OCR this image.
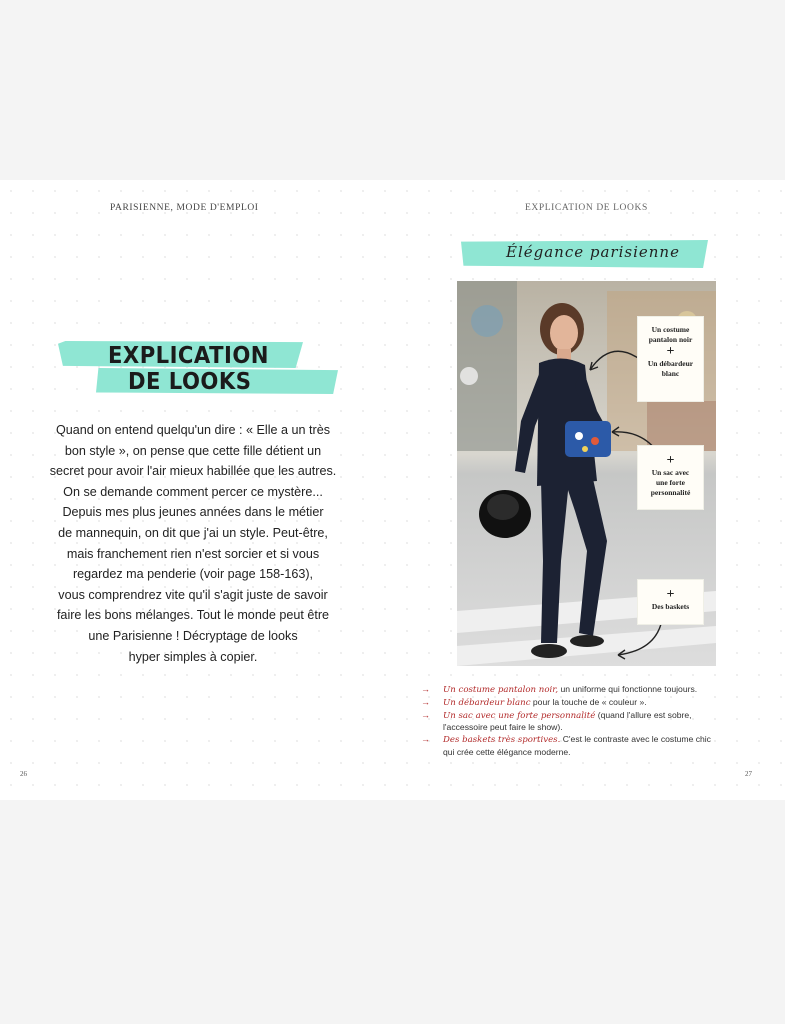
PARISIENNE, MODE D'EMPLOI
EXPLICATION
DE LOOKS
Quand on entend quelqu'un dire : « Elle a un très
bon style », on pense que cette fille détient un
secret pour avoir l'air mieux habillée que les autres.
On se demande comment percer ce mystère...
Depuis mes plus jeunes années dans le métier
de mannequin, on dit que j'ai un style. Peut-être,
mais franchement rien n'est sorcier et si vous
regardez ma penderie (voir page 158-163),
vous comprendrez vite qu'il s'agit juste de savoir
faire les bons mélanges. Tout le monde peut être
une Parisienne ! Décryptage de looks
hyper simples à copier.
26
EXPLICATION DE LOOKS
Élégance parisienne
Un costume
pantalon noir
+
Un débardeur
blanc
+
Un sac avec
une forte
personnalité
+
Des baskets
→	Un costume pantalon noir, un uniforme qui fonctionne toujours.
→	Un débardeur blanc pour la touche de « couleur ».
→	Un sac avec une forte personnalité (quand l'allure est sobre,
l'accessoire peut faire le show).
→	Des baskets très sportives. C'est le contraste avec le costume chic
qui crée cette élégance moderne.
27
